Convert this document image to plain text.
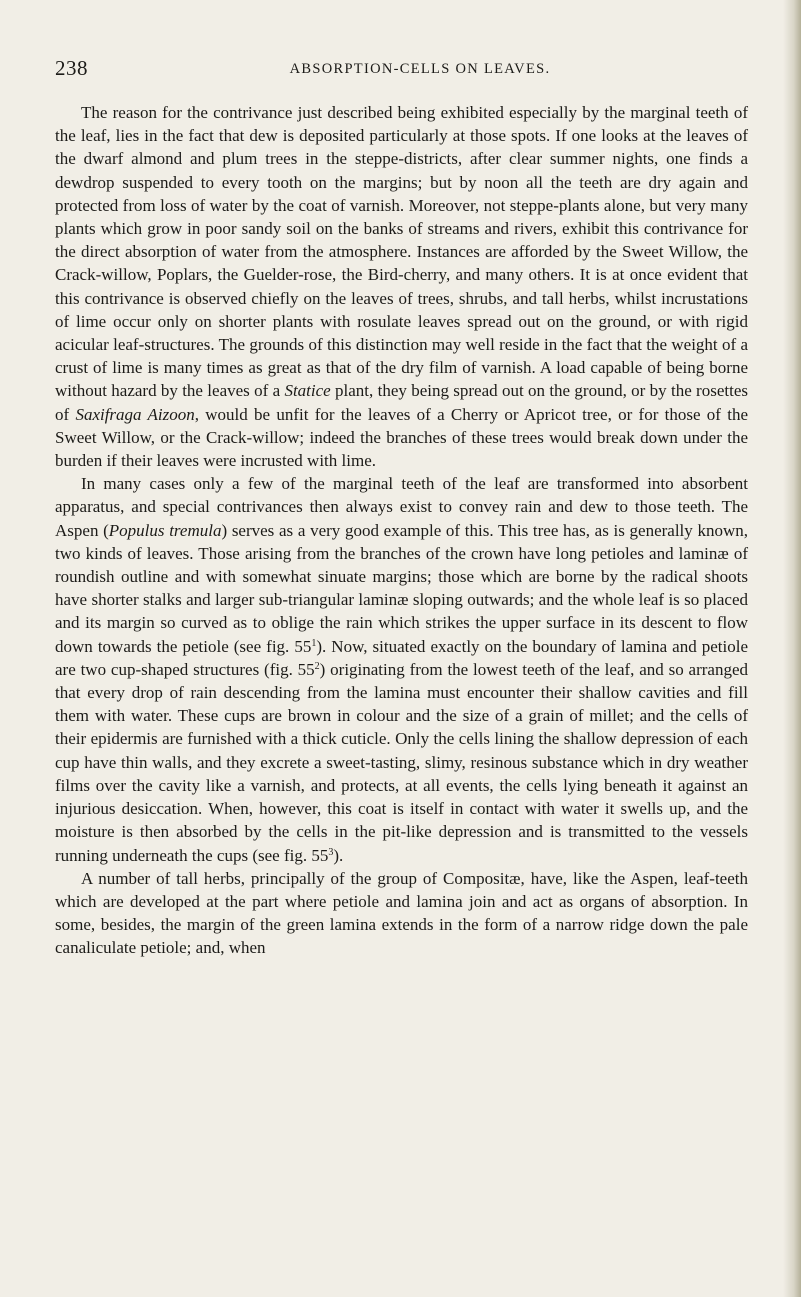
238	ABSORPTION-CELLS ON LEAVES.

The reason for the contrivance just described being exhibited especially by the marginal teeth of the leaf, lies in the fact that dew is deposited particularly at those spots. If one looks at the leaves of the dwarf almond and plum trees in the steppe-districts, after clear summer nights, one finds a dewdrop suspended to every tooth on the margins; but by noon all the teeth are dry again and protected from loss of water by the coat of varnish. Moreover, not steppe-plants alone, but very many plants which grow in poor sandy soil on the banks of streams and rivers, exhibit this contrivance for the direct absorption of water from the atmosphere. Instances are afforded by the Sweet Willow, the Crack-willow, Poplars, the Guelder-rose, the Bird-cherry, and many others. It is at once evident that this contrivance is observed chiefly on the leaves of trees, shrubs, and tall herbs, whilst incrustations of lime occur only on shorter plants with rosulate leaves spread out on the ground, or with rigid acicular leaf-structures. The grounds of this distinction may well reside in the fact that the weight of a crust of lime is many times as great as that of the dry film of varnish. A load capable of being borne without hazard by the leaves of a Statice plant, they being spread out on the ground, or by the rosettes of Saxifraga Aizoon, would be unfit for the leaves of a Cherry or Apricot tree, or for those of the Sweet Willow, or the Crack-willow; indeed the branches of these trees would break down under the burden if their leaves were incrusted with lime.

In many cases only a few of the marginal teeth of the leaf are transformed into absorbent apparatus, and special contrivances then always exist to convey rain and dew to those teeth. The Aspen (Populus tremula) serves as a very good example of this. This tree has, as is generally known, two kinds of leaves. Those arising from the branches of the crown have long petioles and laminæ of roundish outline and with somewhat sinuate margins; those which are borne by the radical shoots have shorter stalks and larger sub-triangular laminæ sloping outwards; and the whole leaf is so placed and its margin so curved as to oblige the rain which strikes the upper surface in its descent to flow down towards the petiole (see fig. $55^1$). Now, situated exactly on the boundary of lamina and petiole are two cup-shaped structures (fig. $55^2$) originating from the lowest teeth of the leaf, and so arranged that every drop of rain descending from the lamina must encounter their shallow cavities and fill them with water. These cups are brown in colour and the size of a grain of millet; and the cells of their epidermis are furnished with a thick cuticle. Only the cells lining the shallow depression of each cup have thin walls, and they excrete a sweet-tasting, slimy, resinous substance which in dry weather films over the cavity like a varnish, and protects, at all events, the cells lying beneath it against an injurious desiccation. When, however, this coat is itself in contact with water it swells up, and the moisture is then absorbed by the cells in the pit-like depression and is transmitted to the vessels running underneath the cups (see fig. $55^3$).

A number of tall herbs, principally of the group of Compositæ, have, like the Aspen, leaf-teeth which are developed at the part where petiole and lamina join and act as organs of absorption. In some, besides, the margin of the green lamina extends in the form of a narrow ridge down the pale canaliculate petiole; and, when
